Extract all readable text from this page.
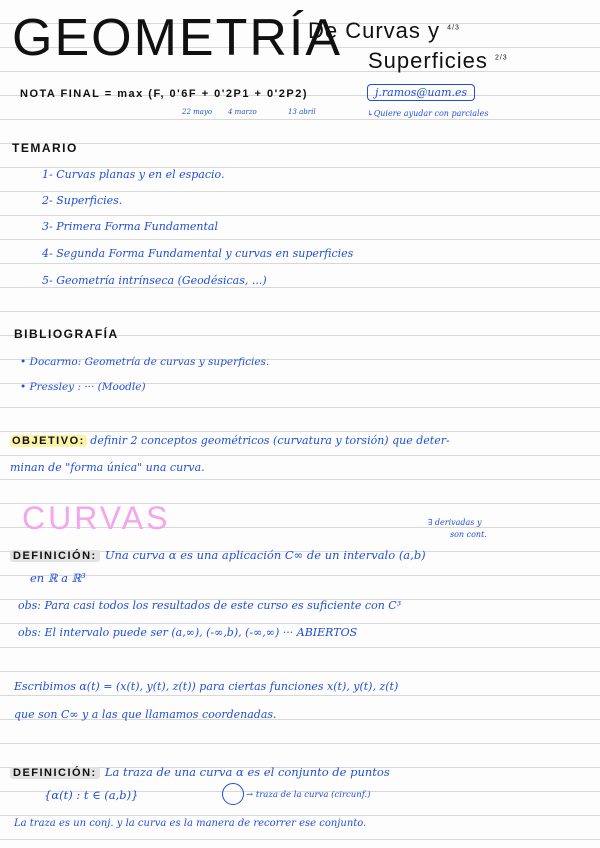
GEOMETRÍA
De Curvas y $^{4/3}$
Superficies $^{2/3}$
NOTA FINAL = max (F, 0'6F + 0'2P1 + 0'2P2)
22 mayo 4 marzo	13 abril
j.ramos@uam.es
↳Quiere ayudar con parciales
TEMARIO
1- Curvas planas y en el espacio.
2- Superficies.
3- Primera Forma Fundamental
4- Segunda Forma Fundamental y curvas en superficies
5- Geometría intrínseca (Geodésicas, ...)
BIBLIOGRAFÍA
• Docarmo: Geometría de curvas y superficies.
• Pressley : ··· (Moodle)
OBJETIVO: definir 2 conceptos geométricos (curvatura y torsión) que deter-
minan de "forma única" una curva.
CURVAS	∃ derivadas y
son cont.
DEFINICIÓN: Una curva α es una aplicación C∞ de un intervalo (a,b)
en ℝ a ℝ³
obs: Para casi todos los resultados de este curso es suficiente con C³
obs: El intervalo puede ser (a,∞), (-∞,b), (-∞,∞) ··· ABIERTOS
Escribimos α(t) = (x(t), y(t), z(t)) para ciertas funciones x(t), y(t), z(t)
que son C∞ y a las que llamamos coordenadas.
DEFINICIÓN: La traza de una curva α es el conjunto de puntos
{α(t) : t ∈ (a,b)}	→ traza de la curva (circunf.)
La traza es un conj. y la curva es la manera de recorrer ese conjunto.
